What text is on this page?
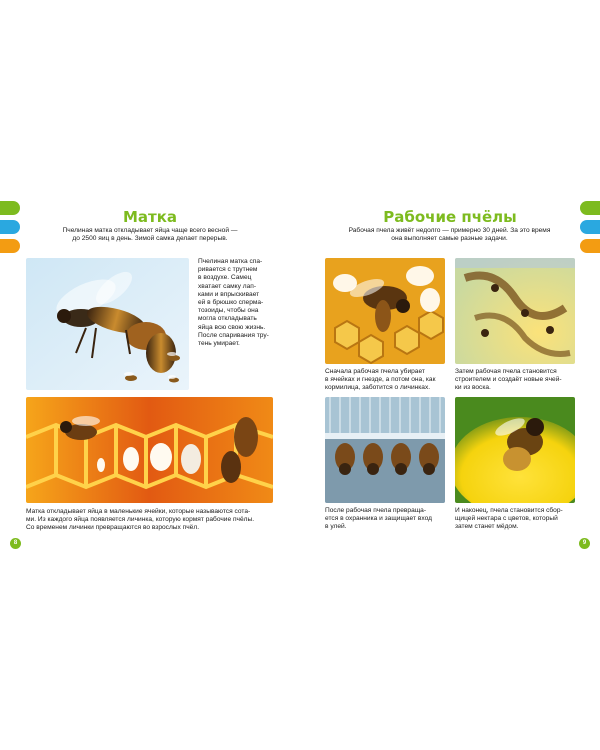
Матка
Пчелиная матка откладывает яйца чаще всего весной —
до 2500 яиц в день. Зимой самка делает перерыв.
Пчелиная матка спа-
ривается с трутнем
в воздухе. Самец
хватает самку лап-
ками и впрыскивает
ей в брюшко сперма-
тозоиды, чтобы она
могла откладывать
яйца всю свою жизнь.
После спаривания тру-
тень умирает.
Матка откладывает яйца в маленькие ячейки, которые называются сота-
ми. Из каждого яйца появляется личинка, которую кормят рабочие пчёлы.
Со временем личинки превращаются во взрослых пчёл.
8
Рабочие пчёлы
Рабочая пчела живёт недолго — примерно 30 дней. За это время
она выполняет самые разные задачи.
Сначала рабочая пчела убирает
в ячейках и гнезде, а потом она, как
кормилица, заботится о личинках.
Затем рабочая пчела становится
строителем и создаёт новые ячей-
ки из воска.
После рабочая пчела превраща-
ется в охранника и защищает вход
в улей.
И наконец, пчела становится сбор-
щицей нектара с цветов, который
затем станет мёдом.
9
